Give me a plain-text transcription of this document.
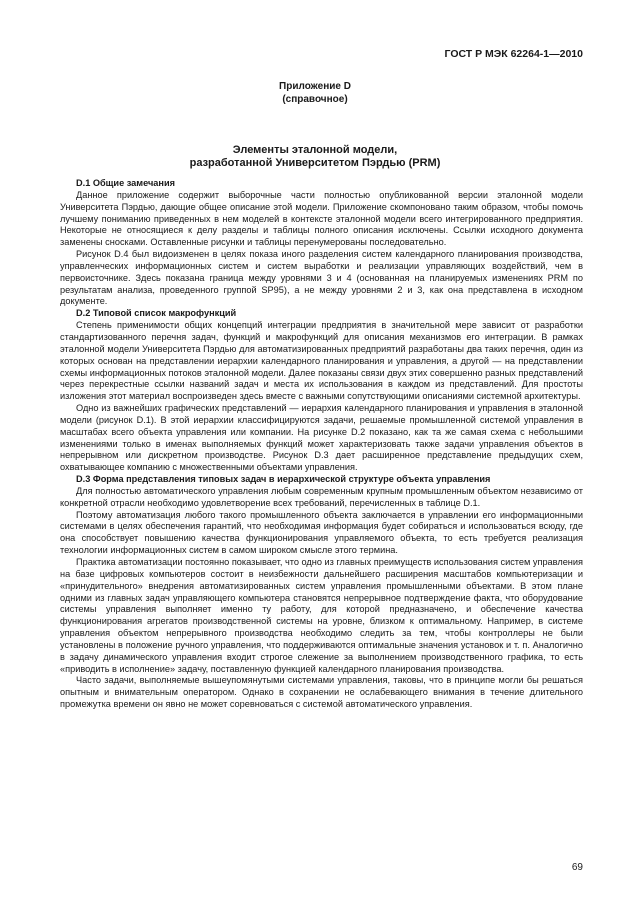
ГОСТ Р МЭК 62264-1—2010
Приложение D
(справочное)
Элементы эталонной модели,
разработанной Университетом Пэрдью (PRM)
D.1 Общие замечания

Данное приложение содержит выборочные части полностью опубликованной версии эталонной модели Университета Пэрдью, дающие общее описание этой модели. Приложение скомпоновано таким образом, чтобы помочь лучшему пониманию приведенных в нем моделей в контексте эталонной модели всего интегрированного предприятия. Некоторые не относящиеся к делу разделы и таблицы полного описания исключены. Ссылки исходного документа заменены сносками. Оставленные рисунки и таблицы перенумерованы последовательно.

Рисунок D.4 был видоизменен в целях показа иного разделения систем календарного планирования производства, управленческих информационных систем и систем выработки и реализации управляющих воздействий, чем в первоисточнике. Здесь показана граница между уровнями 3 и 4 (основанная на планируемых изменениях PRM по результатам анализа, проведенного группой SP95), а не между уровнями 2 и 3, как она представлена в исходном документе.

D.2 Типовой список макрофункций

Степень применимости общих концепций интеграции предприятия в значительной мере зависит от разработки стандартизованного перечня задач, функций и макрофункций для описания механизмов его интеграции. В рамках эталонной модели Университета Пэрдью для автоматизированных предприятий разработаны два таких перечня, один из которых основан на представлении иерархии календарного планирования и управления, а другой — на представлении схемы информационных потоков эталонной модели. Далее показаны связи двух этих совершенно разных представлений через перекрестные ссылки названий задач и места их использования в каждом из представлений. Для простоты изложения этот материал воспроизведен здесь вместе с важными сопутствующими описаниями системной архитектуры.

Одно из важнейших графических представлений — иерархия календарного планирования и управления в эталонной модели (рисунок D.1). В этой иерархии классифицируются задачи, решаемые промышленной системой управления в масштабах всего объекта управления или компании. На рисунке D.2 показано, как та же самая схема с небольшими изменениями только в именах выполняемых функций может характеризовать также задачи управления объектов в непрерывном или дискретном производстве. Рисунок D.3 дает расширенное представление предыдущих схем, охватывающее компанию с множественными объектами управления.

D.3 Форма представления типовых задач в иерархической структуре объекта управления

Для полностью автоматического управления любым современным крупным промышленным объектом независимо от конкретной отрасли необходимо удовлетворение всех требований, перечисленных в таблице D.1.

Поэтому автоматизация любого такого промышленного объекта заключается в управлении его информационными системами в целях обеспечения гарантий, что необходимая информация будет собираться и использоваться всюду, где она способствует повышению качества функционирования управляемого объекта, то есть требуется реализация технологии информационных систем в самом широком смысле этого термина.

Практика автоматизации постоянно показывает, что одно из главных преимуществ использования систем управления на базе цифровых компьютеров состоит в неизбежности дальнейшего расширения масштабов компьютеризации и «принудительного» внедрения автоматизированных систем управления промышленными объектами. В этом плане одними из главных задач управляющего компьютера становятся непрерывное подтверждение факта, что оборудование системы управления выполняет именно ту работу, для которой предназначено, и обеспечение качества функционирования агрегатов производственной системы на уровне, близком к оптимальному. Например, в системе управления объектом непрерывного производства необходимо следить за тем, чтобы контроллеры не были установлены в положение ручного управления, что поддерживаются оптимальные значения установок и т. п. Аналогично в задачу динамического управления входит строгое слежение за выполнением производственного графика, то есть «приводить в исполнение» задачу, поставленную функцией календарного планирования производства.

Часто задачи, выполняемые вышеупомянутыми системами управления, таковы, что в принципе могли бы решаться опытным и внимательным оператором. Однако в сохранении не ослабевающего внимания в течение длительного промежутка времени он явно не может соревноваться с системой автоматического управления.

69
